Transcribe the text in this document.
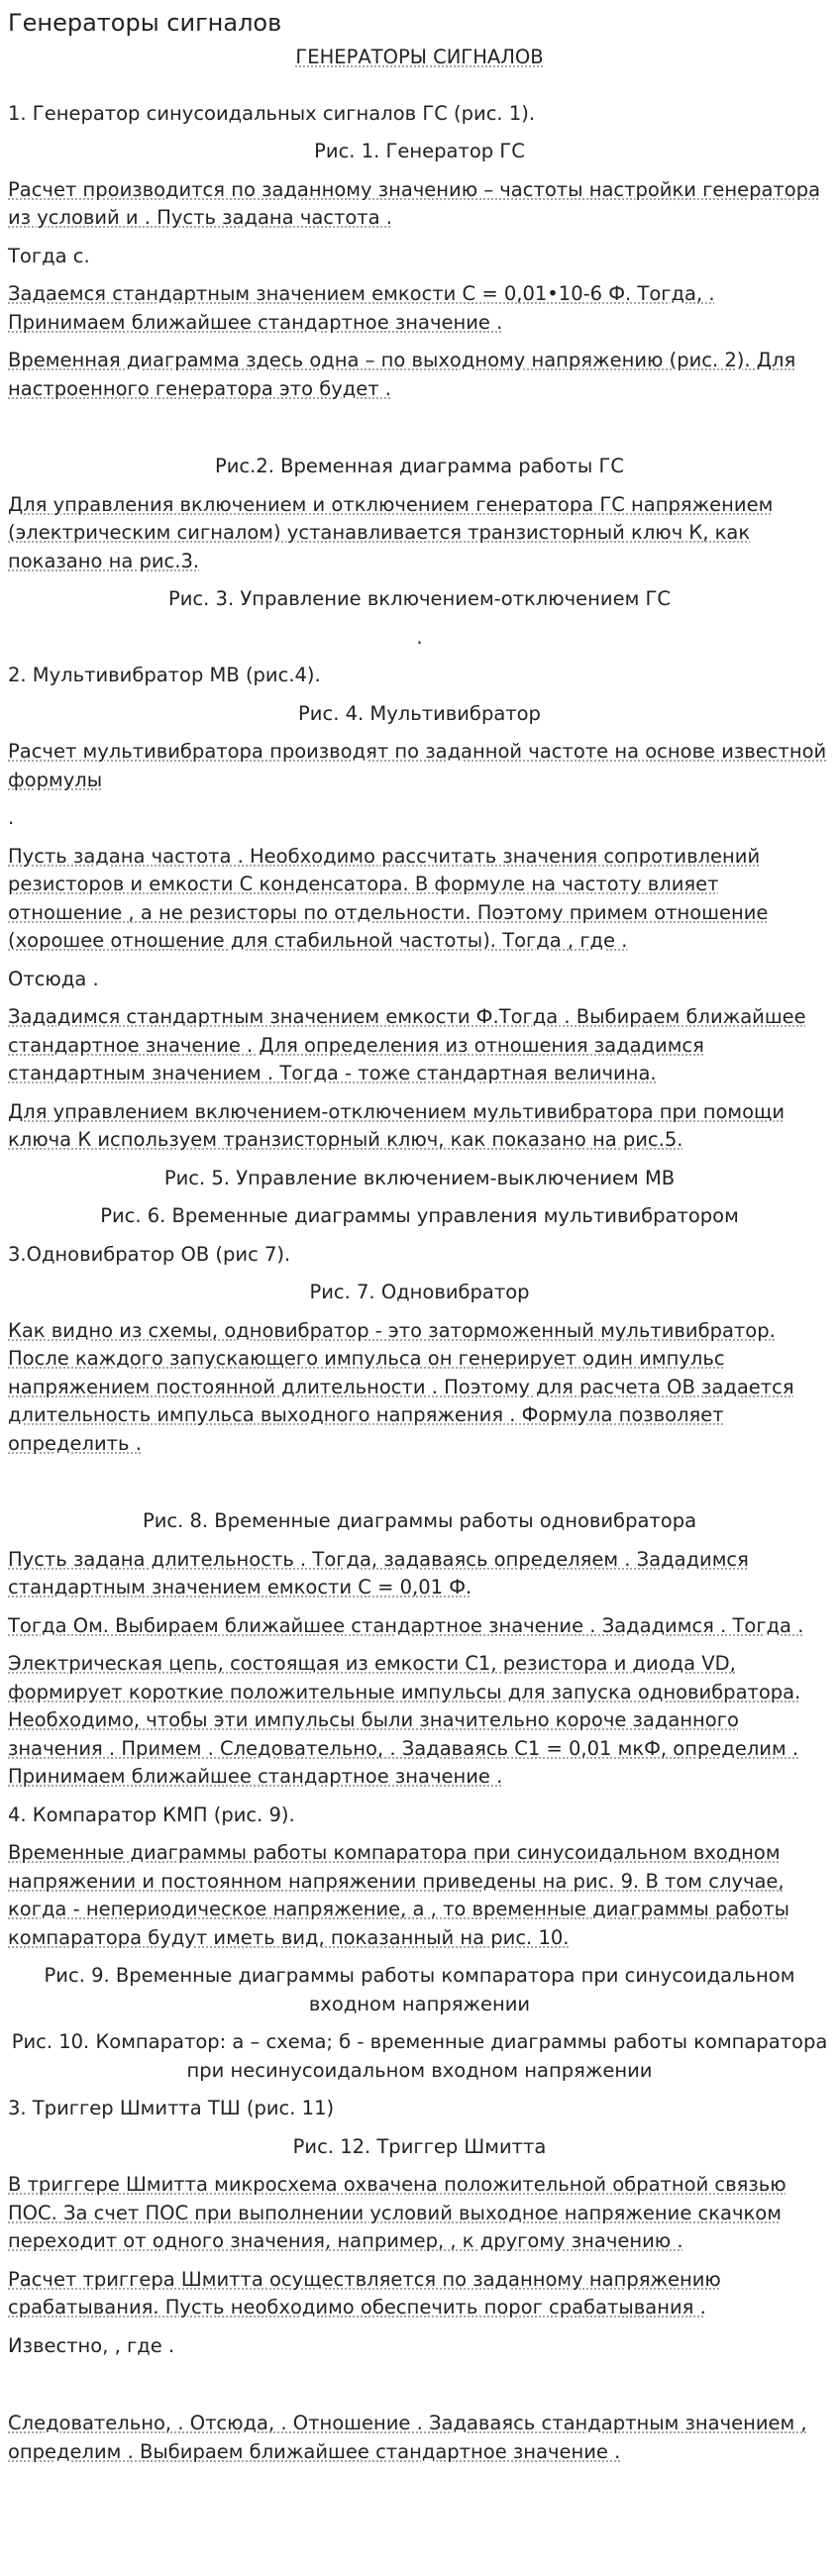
Генераторы сигналов

ГЕНЕРАТОРЫ СИГНАЛОВ

1. Генератор синусоидальных сигналов ГС (рис. 1).

Рис. 1. Генератор ГС

Расчет производится по заданному значению – частоты настройки генератора из условий и . Пусть задана частота .

Тогда с.

Задаемся стандартным значением емкости С = 0,01•10-6 Ф. Тогда, . Принимаем ближайшее стандартное значение .

Временная диаграмма здесь одна – по выходному напряжению (рис. 2). Для настроенного генератора это будет .

Рис.2. Временная диаграмма работы ГС

Для управления включением и отключением генератора ГС напряжением (электрическим сигналом) устанавливается транзисторный ключ К, как показано на рис.3.

Рис. 3. Управление включением-отключением ГС

.

2. Мультивибратор МВ (рис.4).

Рис. 4. Мультивибратор

Расчет мультивибратора производят по заданной частоте на основе известной формулы

.

Пусть задана частота . Необходимо рассчитать значения сопротивлений резисторов и емкости С конденсатора. В формуле на частоту влияет отношение , а не резисторы по отдельности. Поэтому примем отношение (хорошее отношение для стабильной частоты). Тогда , где .

Отсюда .

Зададимся стандартным значением емкости Ф.Тогда . Выбираем ближайшее стандартное значение . Для определения из отношения зададимся стандартным значением . Тогда - тоже стандартная величина.

Для управлением включением-отключением мультивибратора при помощи ключа К используем транзисторный ключ, как показано на рис.5.

Рис. 5. Управление включением-выключением МВ

Рис. 6. Временные диаграммы управления мультивибратором

3.Одновибратор ОВ (рис 7).

Рис. 7. Одновибратор

Как видно из схемы, одновибратор - это заторможенный мультивибратор. После каждого запускающего импульса он генерирует один импульс напряжением постоянной длительности . Поэтому для расчета ОВ задается длительность импульса выходного напряжения . Формула позволяет определить .

Рис. 8. Временные диаграммы работы одновибратора

Пусть задана длительность . Тогда, задаваясь определяем . Зададимся стандартным значением емкости С = 0,01 Ф.

Тогда Ом. Выбираем ближайшее стандартное значение . Зададимся . Тогда .

Электрическая цепь, состоящая из емкости С1, резистора и диода VD, формирует короткие положительные импульсы для запуска одновибратора. Необходимо, чтобы эти импульсы были значительно короче заданного значения . Примем . Следовательно, . Задаваясь С1 = 0,01 мкФ, определим . Принимаем ближайшее стандартное значение .

4. Компаратор КМП (рис. 9).

Временные диаграммы работы компаратора при синусоидальном входном напряжении и постоянном напряжении приведены на рис. 9. В том случае, когда - непериодическое напряжение, а , то временные диаграммы работы компаратора будут иметь вид, показанный на рис. 10.

Рис. 9. Временные диаграммы работы компаратора при синусоидальном входном напряжении

Рис. 10. Компаратор: а – схема; б - временные диаграммы работы компаратора при несинусоидальном входном напряжении

3. Триггер Шмитта ТШ (рис. 11)

Рис. 12. Триггер Шмитта

В триггере Шмитта микросхема охвачена положительной обратной связью ПОС. За счет ПОС при выполнении условий выходное напряжение скачком переходит от одного значения, например, , к другому значению .

Расчет триггера Шмитта осуществляется по заданному напряжению срабатывания. Пусть необходимо обеспечить порог срабатывания .

Известно, , где .

Следовательно, . Отсюда, . Отношение . Задаваясь стандартным значением , определим . Выбираем ближайшее стандартное значение .
